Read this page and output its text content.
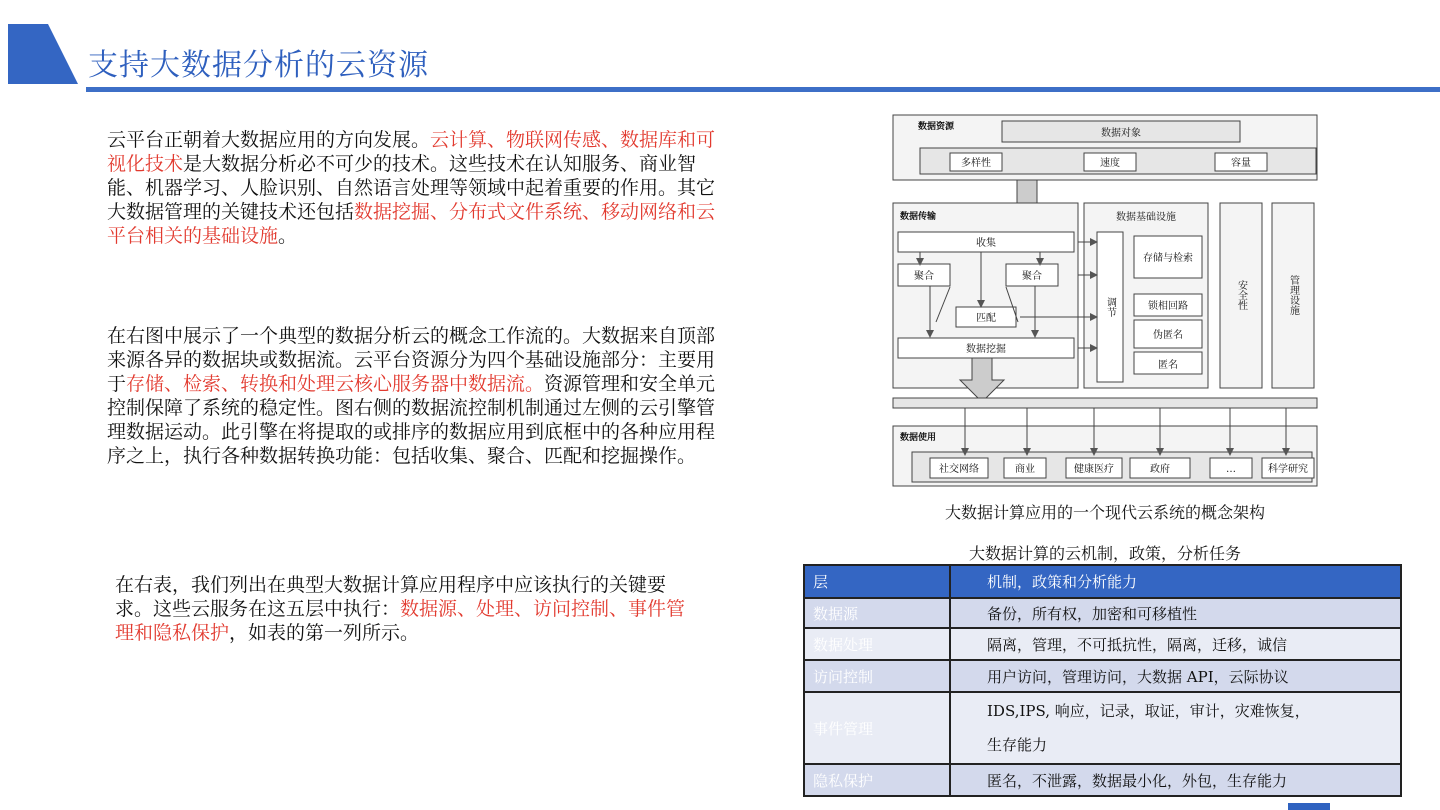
支持大数据分析的云资源
云平台正朝着大数据应用的方向发展。云计算、物联网传感、数据库和可视化技术是大数据分析必不可少的技术。这些技术在认知服务、商业智能、机器学习、人脸识别、自然语言处理等领域中起着重要的作用。其它大数据管理的关键技术还包括数据挖掘、分布式文件系统、移动网络和云平台相关的基础设施。
在右图中展示了一个典型的数据分析云的概念工作流的。大数据来自顶部来源各异的数据块或数据流。云平台资源分为四个基础设施部分：主要用于存储、检索、转换和处理云核心服务器中数据流。资源管理和安全单元控制保障了系统的稳定性。图右侧的数据流控制机制通过左侧的云引擎管理数据运动。此引擎在将提取的或排序的数据应用到底框中的各种应用程序之上，执行各种数据转换功能：包括收集、聚合、匹配和挖掘操作。
在右表，我们列出在典型大数据计算应用程序中应该执行的关键要求。这些云服务在这五层中执行：数据源、处理、访问控制、事件管理和隐私保护，如表的第一列所示。
数据资源
数据对象
多样性	速度	容量
数据传输
收集
聚合	聚合
匹配
数据挖掘
数据基础设施
调节
存储与检索
锁相回路
伪匿名
匿名
安全性	管理设施
数据使用
社交网络	商业	健康医疗	政府	…	科学研究
大数据计算应用的一个现代云系统的概念架构
大数据计算的云机制，政策，分析任务
层	机制，政策和分析能力
数据源	备份，所有权，加密和可移植性

数据处理	隔离，管理，不可抵抗性，隔离，迁移，诚信

访问控制	用户访问，管理访问，大数据 API，云际协议

事件管理	IDS,IPS, 响应，记录，取证，审计，灾难恢复，
生存能力

隐私保护	匿名，不泄露，数据最小化，外包，生存能力
